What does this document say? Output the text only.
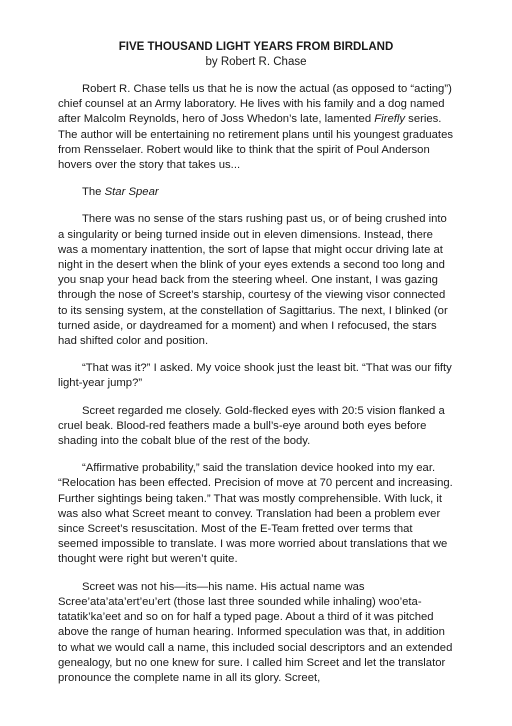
FIVE THOUSAND LIGHT YEARS FROM BIRDLAND
by Robert R. Chase

Robert R. Chase tells us that he is now the actual (as opposed to “acting”) chief counsel at an Army laboratory. He lives with his family and a dog named after Malcolm Reynolds, hero of Joss Whedon’s late, lamented Firefly series. The author will be entertaining no retirement plans until his youngest graduates from Rensselaer. Robert would like to think that the spirit of Poul Anderson hovers over the story that takes us...

The Star Spear

There was no sense of the stars rushing past us, or of being crushed into a singularity or being turned inside out in eleven dimensions. Instead, there was a momentary inattention, the sort of lapse that might occur driving late at night in the desert when the blink of your eyes extends a second too long and you snap your head back from the steering wheel. One instant, I was gazing through the nose of Screet’s starship, courtesy of the viewing visor connected to its sensing system, at the constellation of Sagittarius. The next, I blinked (or turned aside, or daydreamed for a moment) and when I refocused, the stars had shifted color and position.

“That was it?” I asked. My voice shook just the least bit. “That was our fifty light-year jump?”

Screet regarded me closely. Gold-flecked eyes with 20:5 vision flanked a cruel beak. Blood-red feathers made a bull’s-eye around both eyes before shading into the cobalt blue of the rest of the body.

“Affirmative probability,” said the translation device hooked into my ear. “Relocation has been effected. Precision of move at 70 percent and increasing. Further sightings being taken.” That was mostly comprehensible. With luck, it was also what Screet meant to convey. Translation had been a problem ever since Screet’s resuscitation. Most of the E-Team fretted over terms that seemed impossible to translate. I was more worried about translations that we thought were right but weren’t quite.

Screet was not his—its—his name. His actual name was Scree’ata’ata’ert’eu’ert (those last three sounded while inhaling) woo’eta-tatatik’ka’eet and so on for half a typed page. About a third of it was pitched above the range of human hearing. Informed speculation was that, in addition to what we would call a name, this included social descriptors and an extended genealogy, but no one knew for sure. I called him Screet and let the translator pronounce the complete name in all its glory. Screet,
